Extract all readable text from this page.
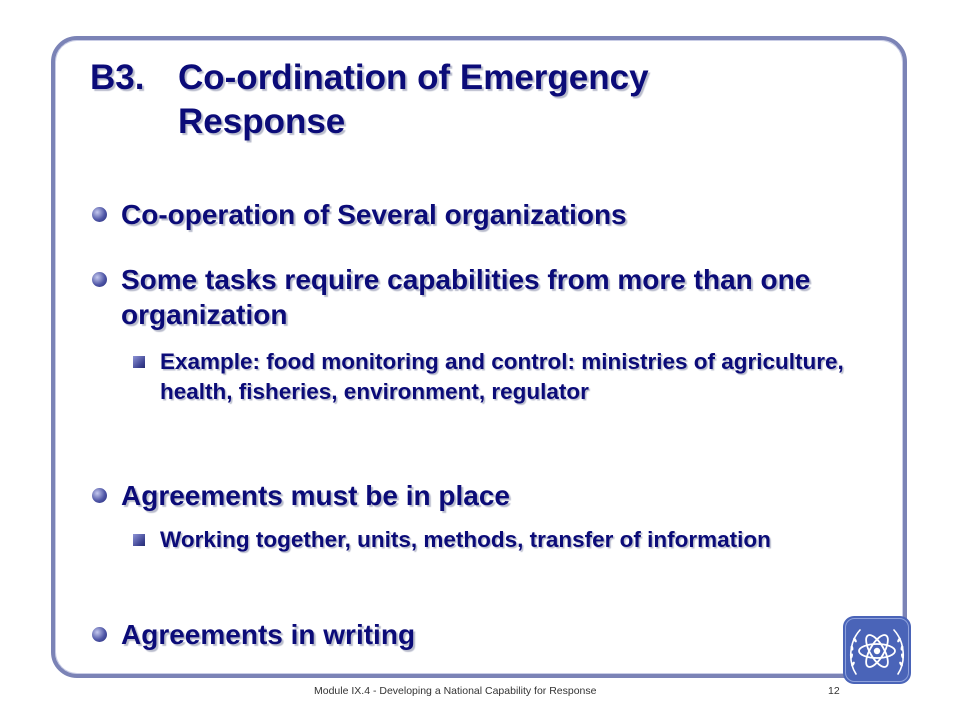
B3. Co-ordination of Emergency
Response
Co-operation of Several organizations
Some tasks require capabilities from more than one organization
Example: food monitoring and control: ministries of agriculture, health, fisheries, environment, regulator
Agreements must be in place
Working together, units, methods, transfer of information
Agreements in writing
Module IX.4 - Developing a National Capability for Response	12
